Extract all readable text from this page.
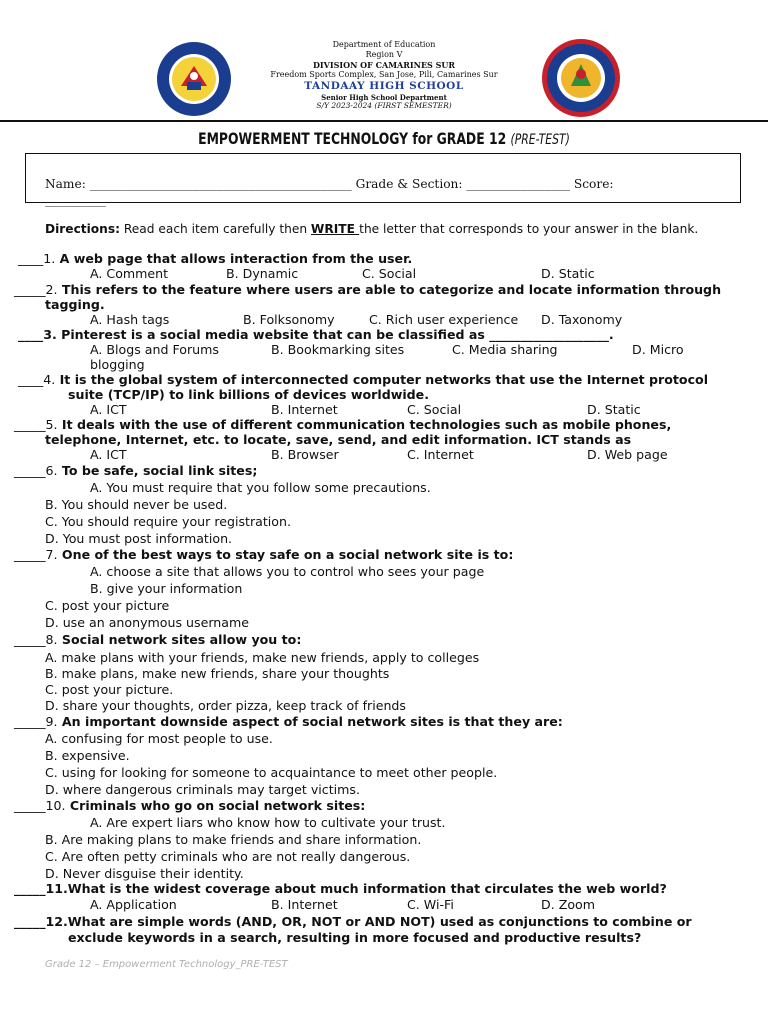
Department of Education
Region V
DIVISION OF CAMARINES SUR
Freedom Sports Complex, San Jose, Pili, Camarines Sur
TANDAAY HIGH SCHOOL
Senior High School Department
S/Y 2023-2024 (FIRST SEMESTER)
EMPOWERMENT TECHNOLOGY for GRADE 12 (PRE-TEST)
Name: ___________________________________________ Grade & Section: _________________ Score:
__________
Directions: Read each item carefully then WRITE the letter that corresponds to your answer in the blank.
____1. A web page that allows interaction from the user.
A. Comment	B. Dynamic	C. Social	D. Static
_____2. This refers to the feature where users are able to categorize and locate information through
tagging.
A. Hash tags	B. Folksonomy	C. Rich user experience D. Taxonomy
____3. Pinterest is a social media website that can be classified as ___________________.
A. Blogs and Forums	B. Bookmarking sites	C. Media sharing	D. Micro
blogging
____4. It is the global system of interconnected computer networks that use the Internet protocol
suite (TCP/IP) to link billions of devices worldwide.
A. ICT	B. Internet	C. Social	D. Static
_____5. It deals with the use of different communication technologies such as mobile phones,
telephone, Internet, etc. to locate, save, send, and edit information. ICT stands as
A. ICT	B. Browser	C. Internet	D. Web page
_____6. To be safe, social link sites;
A. You must require that you follow some precautions.
B. You should never be used.
C. You should require your registration.
D. You must post information.
_____7. One of the best ways to stay safe on a social network site is to:
A. choose a site that allows you to control who sees your page
B. give your information
C. post your picture
D. use an anonymous username
_____8. Social network sites allow you to:
A. make plans with your friends, make new friends, apply to colleges
B. make plans, make new friends, share your thoughts
C. post your picture.
D. share your thoughts, order pizza, keep track of friends
_____9. An important downside aspect of social network sites is that they are:
A. confusing for most people to use.
B. expensive.
C. using for looking for someone to acquaintance to meet other people.
D. where dangerous criminals may target victims.
_____10. Criminals who go on social network sites:
A. Are expert liars who know how to cultivate your trust.
B. Are making plans to make friends and share information.
C. Are often petty criminals who are not really dangerous.
D. Never disguise their identity.
_____11.What is the widest coverage about much information that circulates the web world?
A. Application	B. Internet	C. Wi-Fi	D. Zoom
_____12.What are simple words (AND, OR, NOT or AND NOT) used as conjunctions to combine or
exclude keywords in a search, resulting in more focused and productive results?
Grade 12 – Empowerment Technology_PRE-TEST
